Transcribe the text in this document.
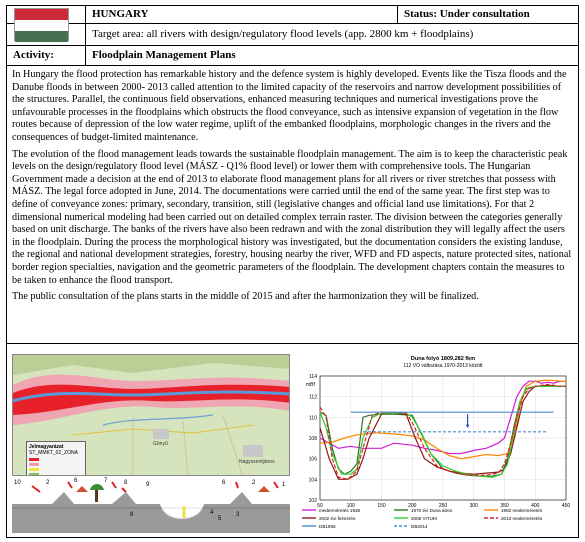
HUNGARY	Status: Under consultation
Target area: all rivers with design/regulatory flood levels (app. 2800 km + floodplains)
Activity:	Floodplain Management Plans

In Hungary the flood protection has remarkable history and the defence system is highly developed. Events like the Tisza floods and the Danube floods in between 2000- 2013 called attention to the limited capacity of the reservoirs and narrow development possibilities of the structures. Parallel, the continuous field observations, enhanced measuring techniques and numerical investigations prove the unfavourable processes in the floodplains which obstructs the flood conveyance, such as intensive expansion of vegetation in the flow routes because of depression of the low water regime, uplift of the embanked floodplains, morphologic changes in the rivers and the consequences of budget-limited maintenance.

The evolution of the flood management leads towards the sustainable floodplain management. The aim is to keep the characteristic peak levels on the design/regulatory flood level (MÁSZ - Q1% flood level) or lower them with comprehensive tools. The Hungarian Government made a decision at the end of 2013 to elaborate flood management plans for all rivers or river stretches that possess with MÁSZ. The legal force adopted in June, 2014. The documentations were carried until the end of the same year. The first step was to define of conveyance zones: primary, secondary, transition, still (legislative changes and official land use limitations). For that 2 dimensional numerical modeling had been carried out on detailed complex terrain raster. The division between the categories generally based on unit discharge. The banks of the rivers have also been redrawn and with the zonal distribution they will legally affect the users in the floodplain. During the process the morphological history was investigated, but the documentation considers the existing landuse, the regional and national development strategies, forestry, housing nearby the river, WFD and FD aspects, nature protected sites, national border region specialties, navigation and the geometric parameters of the floodplain. The development chapters contain the measures to be taken to enhance the flood transport.

The public consultation of the plans starts in the middle of 2015 and after the harmonization they will be finalized.

Gönyű
Nagyszentjános
Jelmagyarázat
ST_MMKT_02_ZONA
10	2	6	7	8	9
8	4
5
3
6	2	1
Duna folyó 1809.282 fkm
112 VO változása 1970-2013 között
mBf
102
104
106
108
110
112
114
50	100	150	200	250	300	350	400	450
mederméretés 1938	1970 évi Duna átrez.	1982 mederméretés
2002 évi felmérés	2006 VITUKI	2013 mederméretés
DB1966	DB2014
